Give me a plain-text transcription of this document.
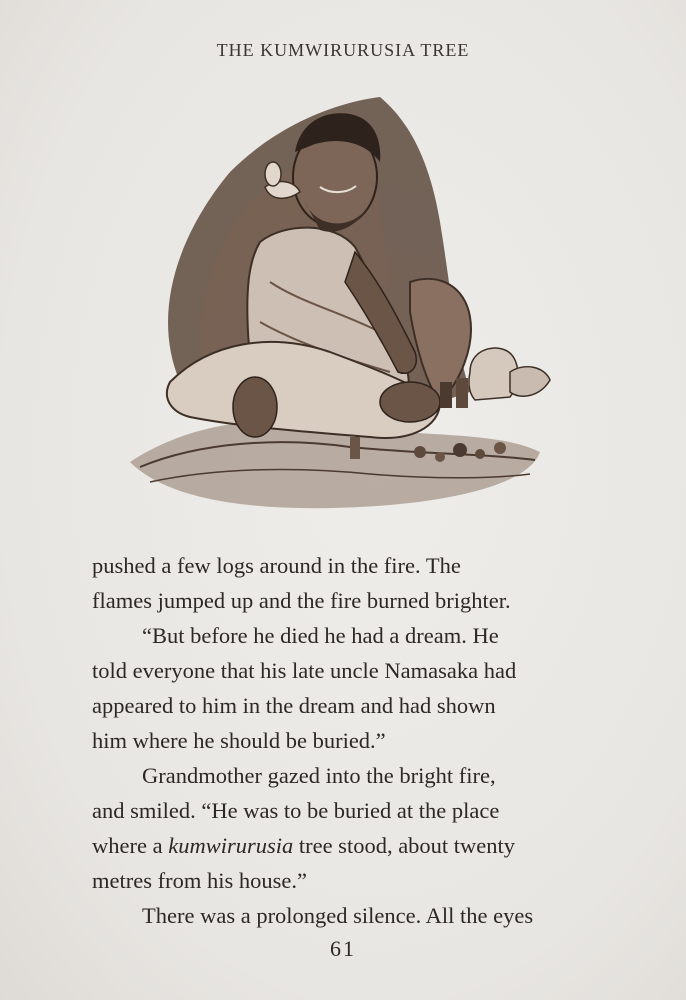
THE KUMWIRURUSIA TREE

pushed a few logs around in the fire. The
flames jumped up and the fire burned brighter.

“But before he died he had a dream. He
told everyone that his late uncle Namasaka had
appeared to him in the dream and had shown
him where he should be buried.”

Grandmother gazed into the bright fire,
and smiled. “He was to be buried at the place
where a kumwirurusia tree stood, about twenty
metres from his house.”

There was a prolonged silence. All the eyes

61
